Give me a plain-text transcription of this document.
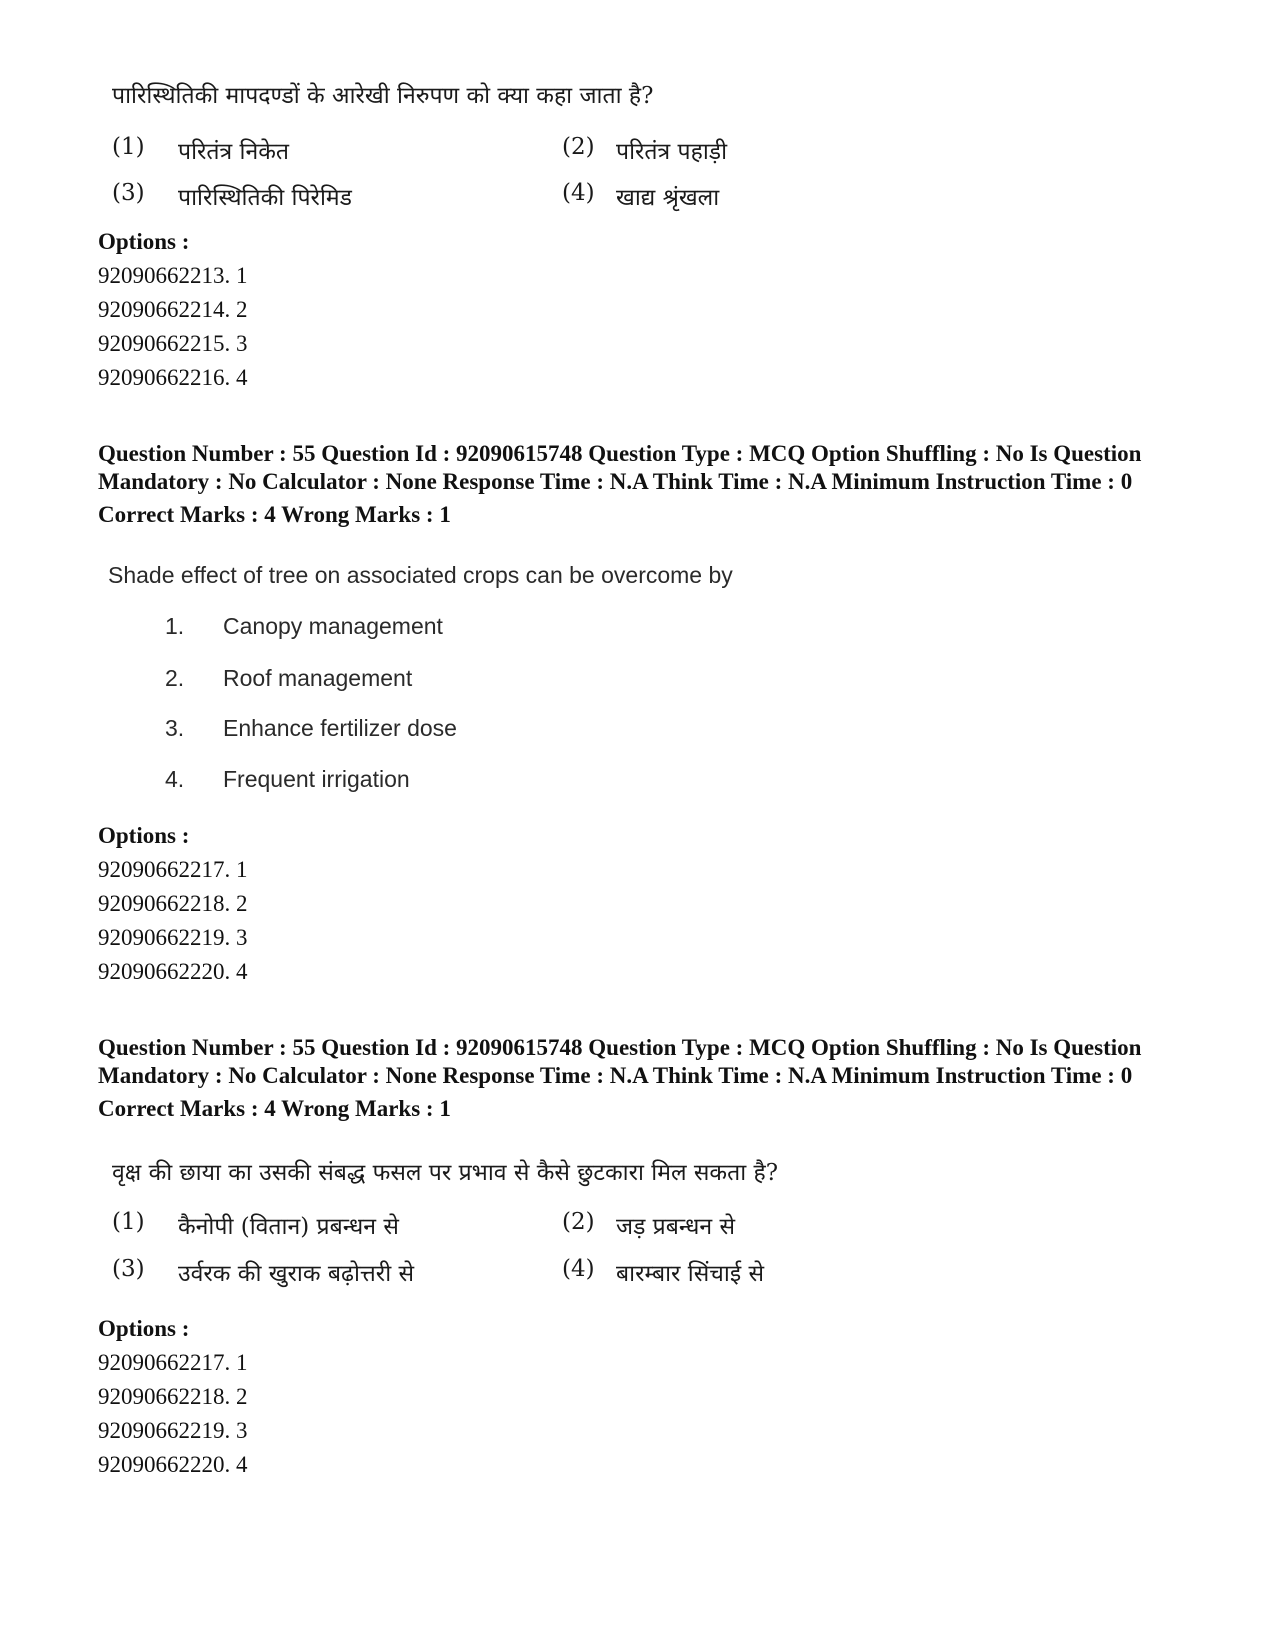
पारिस्थितिकी मापदण्डों के आरेखी निरुपण को क्या कहा जाता है?
(1) परितंत्र निकेत	(2) परितंत्र पहाड़ी
(3) पारिस्थितिकी पिरेमिड	(4) खाद्य श्रृंखला
Options :
92090662213. 1
92090662214. 2
92090662215. 3
92090662216. 4
Question Number : 55 Question Id : 92090615748 Question Type : MCQ Option Shuffling : No Is Question Mandatory : No Calculator : None Response Time : N.A Think Time : N.A Minimum Instruction Time : 0
Correct Marks : 4 Wrong Marks : 1
Shade effect of tree on associated crops can be overcome by
1. Canopy management
2. Roof management
3. Enhance fertilizer dose
4. Frequent irrigation
Options :
92090662217. 1
92090662218. 2
92090662219. 3
92090662220. 4
Question Number : 55 Question Id : 92090615748 Question Type : MCQ Option Shuffling : No Is Question Mandatory : No Calculator : None Response Time : N.A Think Time : N.A Minimum Instruction Time : 0
Correct Marks : 4 Wrong Marks : 1
वृक्ष की छाया का उसकी संबद्ध फसल पर प्रभाव से कैसे छुटकारा मिल सकता है?
(1) कैनोपी (वितान) प्रबन्धन से	(2) जड़ प्रबन्धन से
(3) उर्वरक की खुराक बढ़ोत्तरी से	(4) बारम्बार सिंचाई से
Options :
92090662217. 1
92090662218. 2
92090662219. 3
92090662220. 4
